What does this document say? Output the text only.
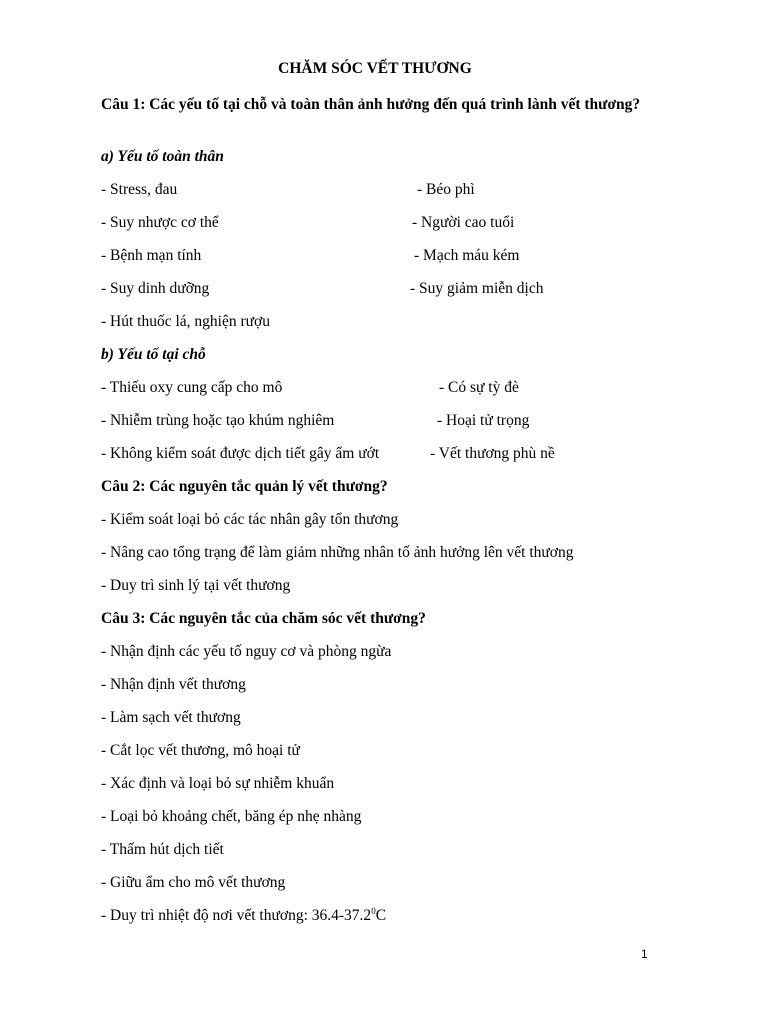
CHĂM SÓC VẾT THƯƠNG
Câu 1: Các yếu tố tại chỗ và toàn thân ảnh hưởng đến quá trình lành vết thương?
a) Yếu tố toàn thân
- Stress, đau	- Béo phì
- Suy nhược cơ thể	- Người cao tuổi
- Bệnh mạn tính	- Mạch máu kém
- Suy dinh dưỡng	- Suy giảm miễn dịch
- Hút thuốc lá, nghiện rượu
b) Yếu tố tại chỗ
- Thiếu oxy cung cấp cho mô	- Có sự tỳ đè
- Nhiễm trùng hoặc tạo khúm nghiêm	- Hoại tử trọng
- Không kiểm soát được dịch tiết gây ẩm ướt	- Vết thương phù nề
Câu 2: Các nguyên tắc quản lý vết thương?
- Kiểm soát loại bỏ các tác nhân gây tổn thương
- Nâng cao tổng trạng để làm giảm những nhân tố ảnh hưởng lên vết thương
- Duy trì sinh lý tại vết thương
Câu 3: Các nguyên tắc của chăm sóc vết thương?
- Nhận định các yếu tố nguy cơ và phòng ngừa
- Nhận định vết thương
- Làm sạch vết thương
- Cắt lọc vết thương, mô hoại tử
- Xác định và loại bỏ sự nhiễm khuẩn
- Loại bỏ khoảng chết, băng ép nhẹ nhàng
- Thấm hút dịch tiết
- Giữu ẩm cho mô vết thương
- Duy trì nhiệt độ nơi vết thương: 36.4-37.2$^0$C
1
